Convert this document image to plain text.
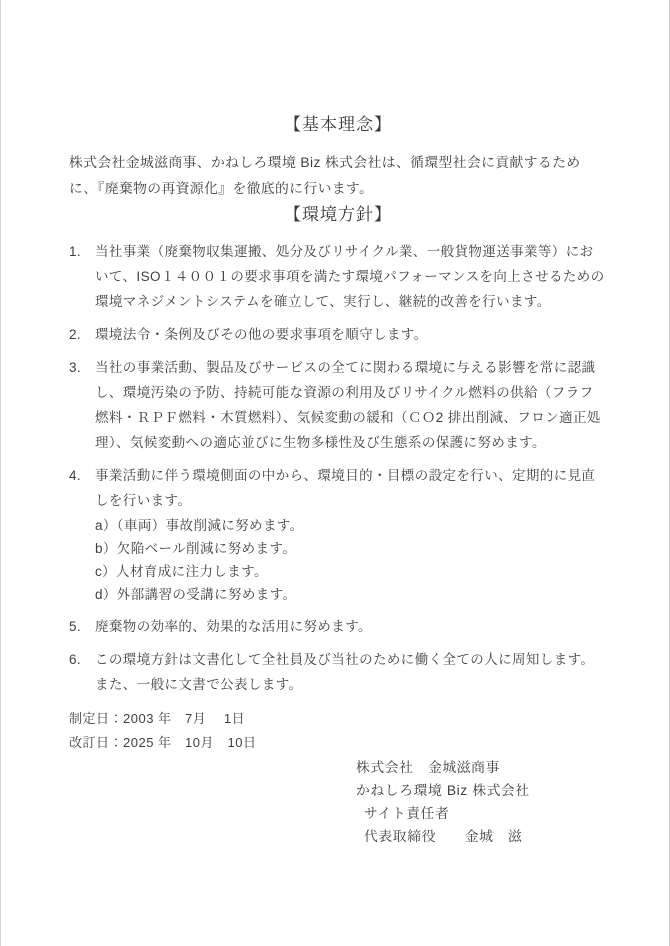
【基本理念】

株式会社金城滋商事、かねしろ環境 Biz 株式会社は、循環型社会に貢献するために、『廃棄物の再資源化』を徹底的に行います。

【環境方針】
1.	当社事業（廃棄物収集運搬、処分及びリサイクル業、一般貨物運送事業等）において、ISO１４００１の要求事項を満たす環境パフォーマンスを向上させるための環境マネジメントシステムを確立して、実行し、継続的改善を行います。
2.	環境法令・条例及びその他の要求事項を順守します。
3.	当社の事業活動、製品及びサービスの全てに関わる環境に与える影響を常に認識し、環境汚染の予防、持続可能な資源の利用及びリサイクル燃料の供給（フラフ燃料・ＲＰＦ燃料・木質燃料）、気候変動の緩和（ＣＯ2 排出削減、フロン適正処理）、気候変動への適応並びに生物多様性及び生態系の保護に努めます。
4.	事業活動に伴う環境側面の中から、環境目的・目標の設定を行い、定期的に見直しを行います。
a）（車両）事故削減に努めます。
b）欠陥ベール削減に努めます。
c）人材育成に注力します。
d）外部講習の受講に努めます。
5.	廃棄物の効率的、効果的な活用に努めます。
6.	この環境方針は文書化して全社員及び当社のために働く全ての人に周知します。また、一般に文書で公表します。
制定日：2003 年　7月　 1日
改訂日：2025 年　10月　10日
株式会社　金城滋商事
かねしろ環境 Biz 株式会社
サイト責任者
代表取締役　　金城　滋
